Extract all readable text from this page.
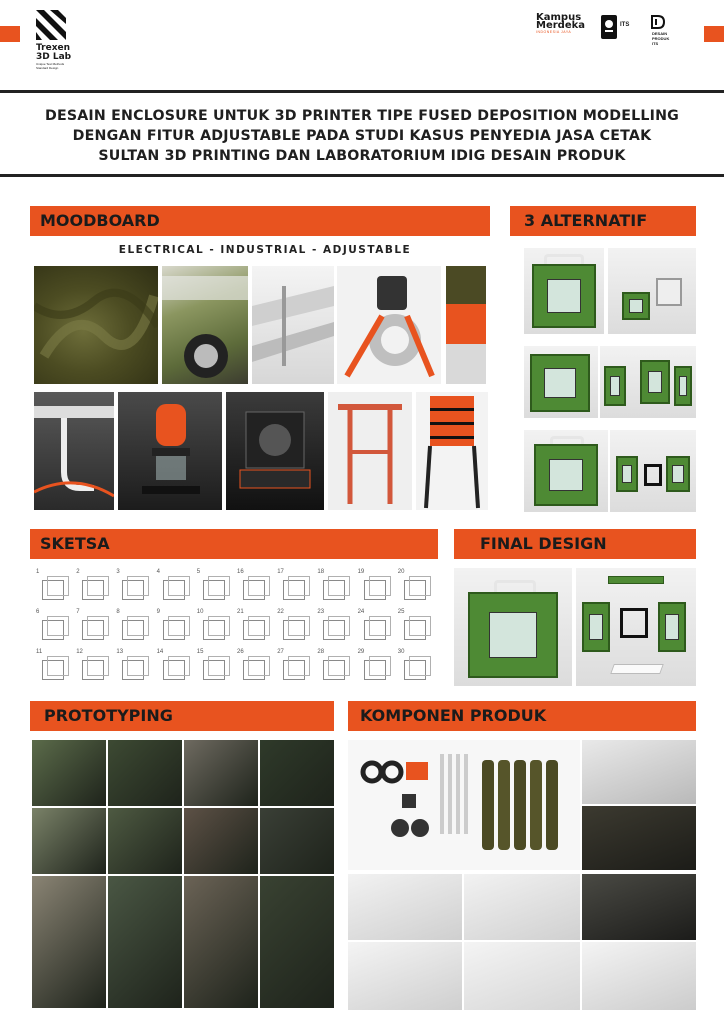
Trexen
3D Lab
Unique Test Methods Standard Design
Kampus
Merdeka
INDONESIA JAYA
ITS
DESAIN
PRODUK
ITS
DESAIN ENCLOSURE UNTUK 3D PRINTER TIPE FUSED DEPOSITION MODELLING
DENGAN FITUR ADJUSTABLE PADA STUDI KASUS PENYEDIA JASA CETAK
SULTAN 3D PRINTING DAN LABORATORIUM IDIG DESAIN PRODUK
MOODBOARD
ELECTRICAL - INDUSTRIAL - ADJUSTABLE
3 ALTERNATIF
SKETSA
1	2	3	4	5	16	17	18	19	20
6	7	8	9	10	21	22	23	24	25
11	12	13	14	15	26	27	28	29	30
FINAL DESIGN
PROTOTYPING	KOMPONEN PRODUK
